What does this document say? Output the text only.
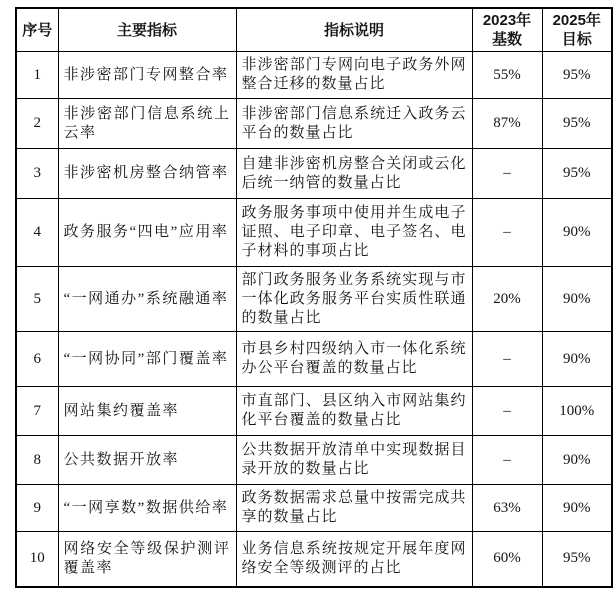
序号	主要指标	指标说明	2023年基数	2025年目标
1	非涉密部门专网整合率	非涉密部门专网向电子政务外网整合迁移的数量占比	55%	95%
2	非涉密部门信息系统上云率	非涉密部门信息系统迁入政务云平台的数量占比	87%	95%
3	非涉密机房整合纳管率	自建非涉密机房整合关闭或云化后统一纳管的数量占比	–	95%
4	政务服务“四电”应用率	政务服务事项中使用并生成电子证照、电子印章、电子签名、电子材料的事项占比	–	90%
5	“一网通办”系统融通率	部门政务服务业务系统实现与市一体化政务服务平台实质性联通的数量占比	20%	90%
6	“一网协同”部门覆盖率	市县乡村四级纳入市一体化系统办公平台覆盖的数量占比	–	90%
7	网站集约覆盖率	市直部门、县区纳入市网站集约化平台覆盖的数量占比	–	100%
8	公共数据开放率	公共数据开放清单中实现数据目录开放的数量占比	–	90%
9	“一网享数”数据供给率	政务数据需求总量中按需完成共享的数量占比	63%	90%
10	网络安全等级保护测评覆盖率	业务信息系统按规定开展年度网络安全等级测评的占比	60%	95%
